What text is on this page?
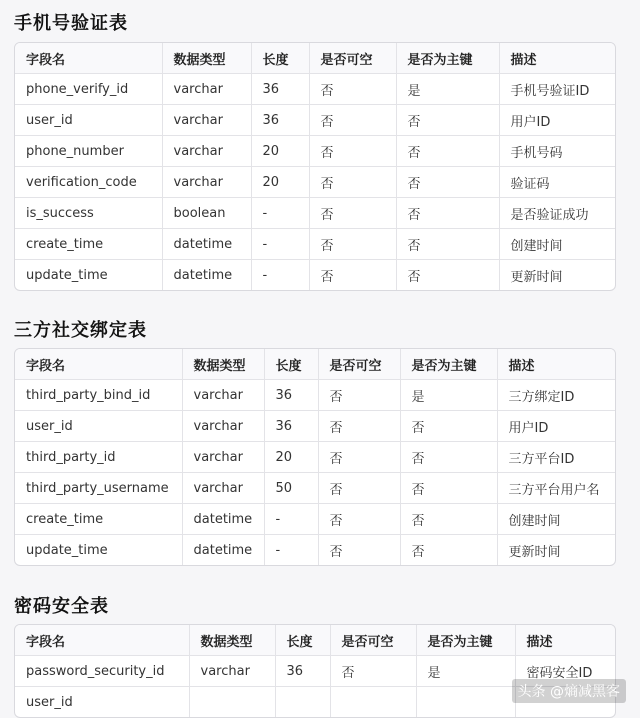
手机号验证表
字段名	数据类型	长度	是否可空	是否为主键	描述
phone_verify_id	varchar	36	否	是	手机号验证ID
user_id	varchar	36	否	否	用户ID
phone_number	varchar	20	否	否	手机号码
verification_code	varchar	20	否	否	验证码
is_success	boolean	-	否	否	是否验证成功
create_time	datetime	-	否	否	创建时间
update_time	datetime	-	否	否	更新时间
三方社交绑定表
字段名	数据类型	长度	是否可空	是否为主键	描述
third_party_bind_id	varchar	36	否	是	三方绑定ID
user_id	varchar	36	否	否	用户ID
third_party_id	varchar	20	否	否	三方平台ID
third_party_username	varchar	50	否	否	三方平台用户名
create_time	datetime	-	否	否	创建时间
update_time	datetime	-	否	否	更新时间
密码安全表
字段名	数据类型	长度	是否可空	是否为主键	描述
password_security_id	varchar	36	否	是	密码安全ID
user_id					
头条 @熵减黑客
